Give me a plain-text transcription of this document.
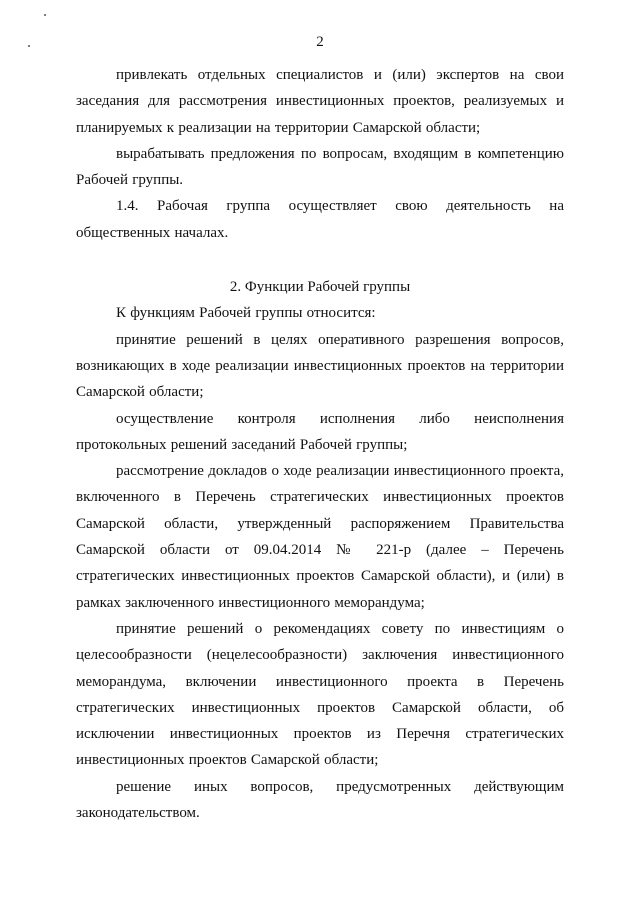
2

привлекать отдельных специалистов и (или) экспертов на свои заседания для рассмотрения инвестиционных проектов, реализуемых и планируемых к реализации на территории Самарской области;

вырабатывать предложения по вопросам, входящим в компетенцию Рабочей группы.

1.4. Рабочая группа осуществляет свою деятельность на общественных началах.

2. Функции Рабочей группы

К функциям Рабочей группы относится:

принятие решений в целях оперативного разрешения вопросов, возникающих в ходе реализации инвестиционных проектов на территории Самарской области;

осуществление контроля исполнения либо неисполнения протокольных решений заседаний Рабочей группы;

рассмотрение докладов о ходе реализации инвестиционного проекта, включенного в Перечень стратегических инвестиционных проектов Самарской области, утвержденный распоряжением Правительства Самарской области от 09.04.2014 № 221-р (далее – Перечень стратегических инвестиционных проектов Самарской области), и (или) в рамках заключенного инвестиционного меморандума;

принятие решений о рекомендациях совету по инвестициям о целесообразности (нецелесообразности) заключения инвестиционного меморандума, включении инвестиционного проекта в Перечень стратегических инвестиционных проектов Самарской области, об исключении инвестиционных проектов из Перечня стратегических инвестиционных проектов Самарской области;

решение иных вопросов, предусмотренных действующим законодательством.
